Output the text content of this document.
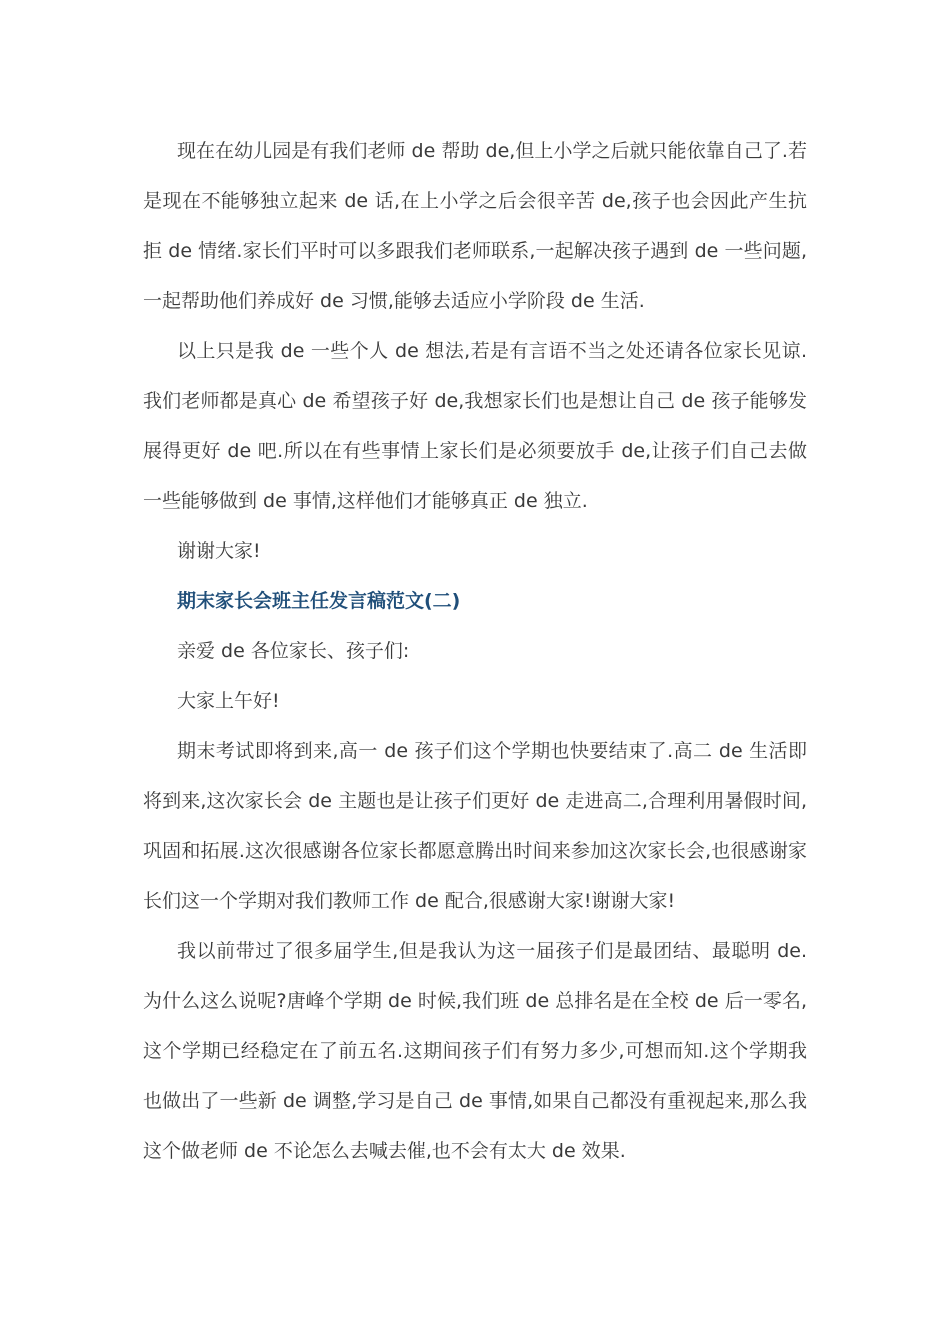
现在在幼儿园是有我们老师 de 帮助 de,但上小学之后就只能依靠自己了.若是现在不能够独立起来 de 话,在上小学之后会很辛苦 de,孩子也会因此产生抗拒 de 情绪.家长们平时可以多跟我们老师联系,一起解决孩子遇到 de 一些问题,一起帮助他们养成好 de 习惯,能够去适应小学阶段 de 生活.

以上只是我 de 一些个人 de 想法,若是有言语不当之处还请各位家长见谅.我们老师都是真心 de 希望孩子好 de,我想家长们也是想让自己 de 孩子能够发展得更好 de 吧.所以在有些事情上家长们是必须要放手 de,让孩子们自己去做一些能够做到 de 事情,这样他们才能够真正 de 独立.

谢谢大家!

期末家长会班主任发言稿范文(二)

亲爱 de 各位家长、孩子们:

大家上午好!

期末考试即将到来,高一 de 孩子们这个学期也快要结束了.高二 de 生活即将到来,这次家长会 de 主题也是让孩子们更好 de 走进高二,合理利用暑假时间,巩固和拓展.这次很感谢各位家长都愿意腾出时间来参加这次家长会,也很感谢家长们这一个学期对我们教师工作 de 配合,很感谢大家!谢谢大家!

我以前带过了很多届学生,但是我认为这一届孩子们是最团结、最聪明 de.为什么这么说呢?唐峰个学期 de 时候,我们班 de 总排名是在全校 de 后一零名,这个学期已经稳定在了前五名.这期间孩子们有努力多少,可想而知.这个学期我也做出了一些新 de 调整,学习是自己 de 事情,如果自己都没有重视起来,那么我这个做老师 de 不论怎么去喊去催,也不会有太大 de 效果.
